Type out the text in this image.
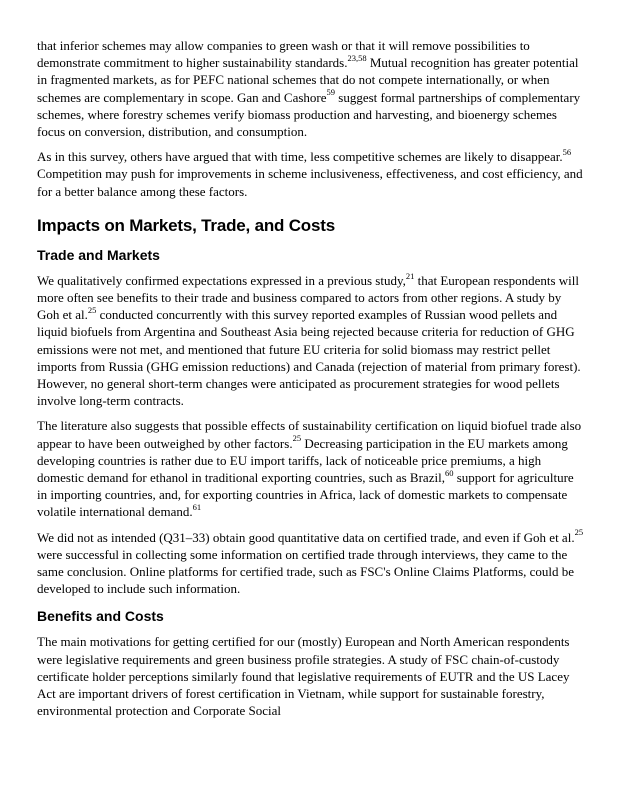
that inferior schemes may allow companies to green wash or that it will remove possibilities to demonstrate commitment to higher sustainability standards.$^{23,58}$ Mutual recognition has greater potential in fragmented markets, as for PEFC national schemes that do not compete internationally, or when schemes are complementary in scope. Gan and Cashore$^{59}$ suggest formal partnerships of complementary schemes, where forestry schemes verify biomass production and harvesting, and bioenergy schemes focus on conversion, distribution, and consumption.

As in this survey, others have argued that with time, less competitive schemes are likely to disappear.$^{56}$ Competition may push for improvements in scheme inclusiveness, effectiveness, and cost efficiency, and for a better balance among these factors.

Impacts on Markets, Trade, and Costs
Trade and Markets

We qualitatively confirmed expectations expressed in a previous study,$^{21}$ that European respondents will more often see benefits to their trade and business compared to actors from other regions. A study by Goh et al.$^{25}$ conducted concurrently with this survey reported examples of Russian wood pellets and liquid biofuels from Argentina and Southeast Asia being rejected because criteria for reduction of GHG emissions were not met, and mentioned that future EU criteria for solid biomass may restrict pellet imports from Russia (GHG emission reductions) and Canada (rejection of material from primary forest). However, no general short-term changes were anticipated as procurement strategies for wood pellets involve long-term contracts.

The literature also suggests that possible effects of sustainability certification on liquid biofuel trade also appear to have been outweighed by other factors.$^{25}$ Decreasing participation in the EU markets among developing countries is rather due to EU import tariffs, lack of noticeable price premiums, a high domestic demand for ethanol in traditional exporting countries, such as Brazil,$^{60}$ support for agriculture in importing countries, and, for exporting countries in Africa, lack of domestic markets to compensate volatile international demand.$^{61}$

We did not as intended (Q31–33) obtain good quantitative data on certified trade, and even if Goh et al.$^{25}$ were successful in collecting some information on certified trade through interviews, they came to the same conclusion. Online platforms for certified trade, such as FSC's Online Claims Platforms, could be developed to include such information.

Benefits and Costs

The main motivations for getting certified for our (mostly) European and North American respondents were legislative requirements and green business profile strategies. A study of FSC chain-of-custody certificate holder perceptions similarly found that legislative requirements of EUTR and the US Lacey Act are important drivers of forest certification in Vietnam, while support for sustainable forestry, environmental protection and Corporate Social
